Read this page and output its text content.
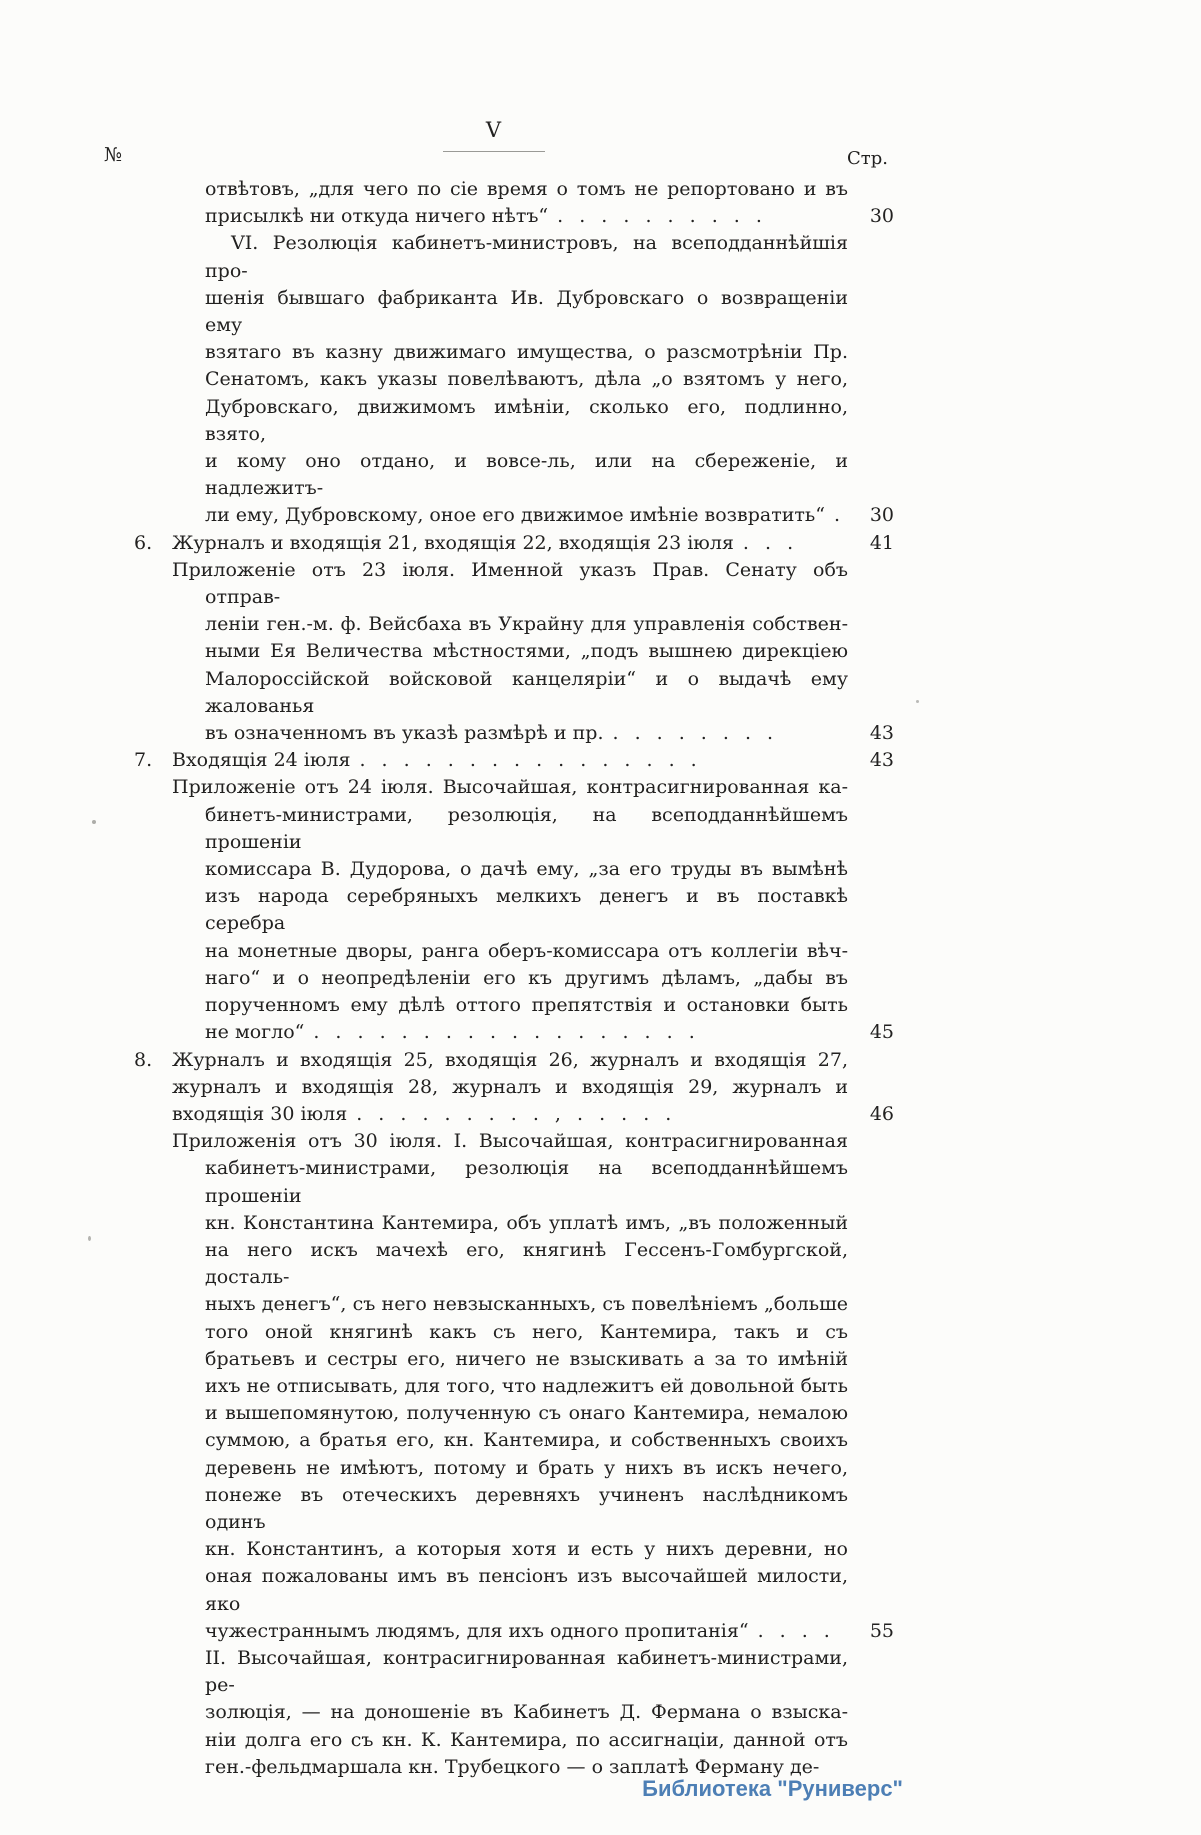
№
V
Стр.
отвѣтовъ, „для чего по сіе время о томъ не репортовано и въ
присылкѣ ни откуда ничего нѣтъ“ . . . . . . . . . .	30
VI. Резолюція кабинетъ-министровъ, на всеподданнѣйшія про-
шенія бывшаго фабриканта Ив. Дубровскаго о возвращеніи ему
взятаго въ казну движимаго имущества, о разсмотрѣніи Пр.
Сенатомъ, какъ указы повелѣваютъ, дѣла „о взятомъ у него,
Дубровскаго, движимомъ имѣніи, сколько его, подлинно, взято,
и кому оно отдано, и вовсе-ль, или на сбереженіе, и надлежитъ-
ли ему, Дубровскому, оное его движимое имѣніе возвратить“ .	30
6. Журналъ и входящія 21, входящія 22, входящія 23 іюля . . .	41
Приложеніе отъ 23 іюля. Именной указъ Прав. Сенату объ отправ-
леніи ген.-м. ф. Вейсбаха въ Украйну для управленія собствен-
ными Ея Величества мѣстностями, „подъ вышнею дирекціею
Малороссійской войсковой канцеляріи“ и о выдачѣ ему жалованья
въ означенномъ въ указѣ размѣрѣ и пр. . . . . . . . .	43
7. Входящія 24 іюля . . . . . . . . . . . . . . . .	43
Приложеніе отъ 24 іюля. Высочайшая, контрасигнированная ка-
бинетъ-министрами, резолюція, на всеподданнѣйшемъ прошеніи
комиссара В. Дудорова, о дачѣ ему, „за его труды въ вымѣнѣ
изъ народа серебряныхъ мелкихъ денегъ и въ поставкѣ серебра
на монетные дворы, ранга оберъ-комиссара отъ коллегіи вѣч-
наго“ и о неопредѣленіи его къ другимъ дѣламъ, „дабы въ
порученномъ ему дѣлѣ оттого препятствія и остановки быть
не могло“ . . . . . . . . . . . . . . . . . .	45
8. Журналъ и входящія 25, входящія 26, журналъ и входящія 27,
журналъ и входящія 28, журналъ и входящія 29, журналъ и
входящія 30 іюля . . . . . . . . . , . . . . .	46
Приложенія отъ 30 іюля. I. Высочайшая, контрасигнированная
кабинетъ-министрами, резолюція на всеподданнѣйшемъ прошеніи
кн. Константина Кантемира, объ уплатѣ имъ, „въ положенный
на него искъ мачехѣ его, княгинѣ Гессенъ-Гомбургской, досталь-
ныхъ денегъ“, съ него невзысканныхъ, съ повелѣніемъ „больше
того оной княгинѣ какъ съ него, Кантемира, такъ и съ
братьевъ и сестры его, ничего не взыскивать а за то имѣній
ихъ не отписывать, для того, что надлежитъ ей довольной быть
и вышепомянутою, полученную съ онаго Кантемира, немалою
суммою, а братья его, кн. Кантемира, и собственныхъ своихъ
деревень не имѣютъ, потому и брать у нихъ въ искъ нечего,
понеже въ отеческихъ деревняхъ учиненъ наслѣдникомъ одинъ
кн. Константинъ, а которыя хотя и есть у нихъ деревни, но
оная пожалованы имъ въ пенсіонъ изъ высочайшей милости, яко
чужестраннымъ людямъ, для ихъ одного пропитанія“ . . . .	55
II. Высочайшая, контрасигнированная кабинетъ-министрами, ре-
золюція, — на доношеніе въ Кабинетъ Д. Фермана о взыска-
ніи долга его съ кн. К. Кантемира, по ассигнаціи, данной отъ
ген.-фельдмаршала кн. Трубецкого — о заплатѣ Ферману де-
Библиотека "Руниверс"
